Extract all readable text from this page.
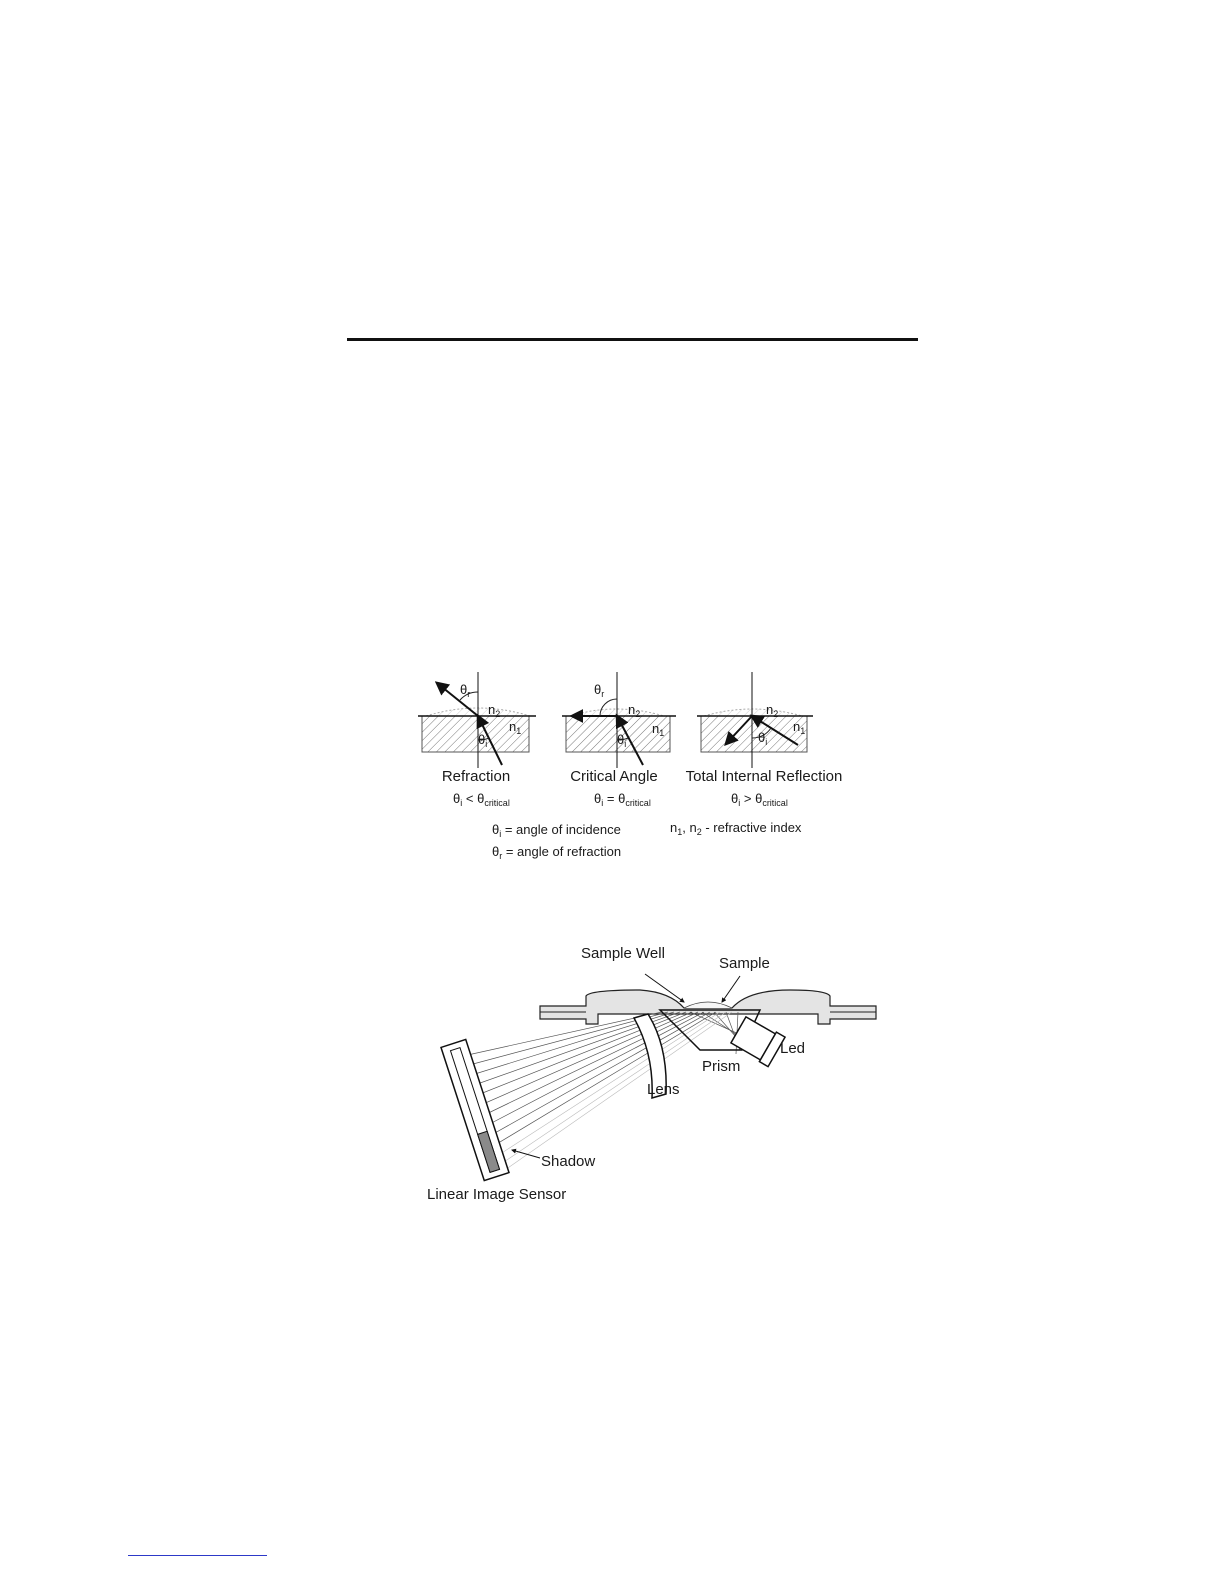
$\theta_r$
$n_2$
$n_1$
$\theta_i$
Refraction
$\theta_i < \theta_{critical}$
$\theta_r$
$n_2$
$n_1$
$\theta_i$
Critical Angle
$\theta_i = \theta_{critical}$
$n_2$
$n_1$
$\theta_i$
Total Internal Reflection
$\theta_i > \theta_{critical}$
$\theta_i$ = angle of incidence
$\theta_r$ = angle of refraction
$n_1$, $n_2$ - refractive index
Sample Well
Sample
Led
Prism
Lens
Shadow
Linear Image Sensor
